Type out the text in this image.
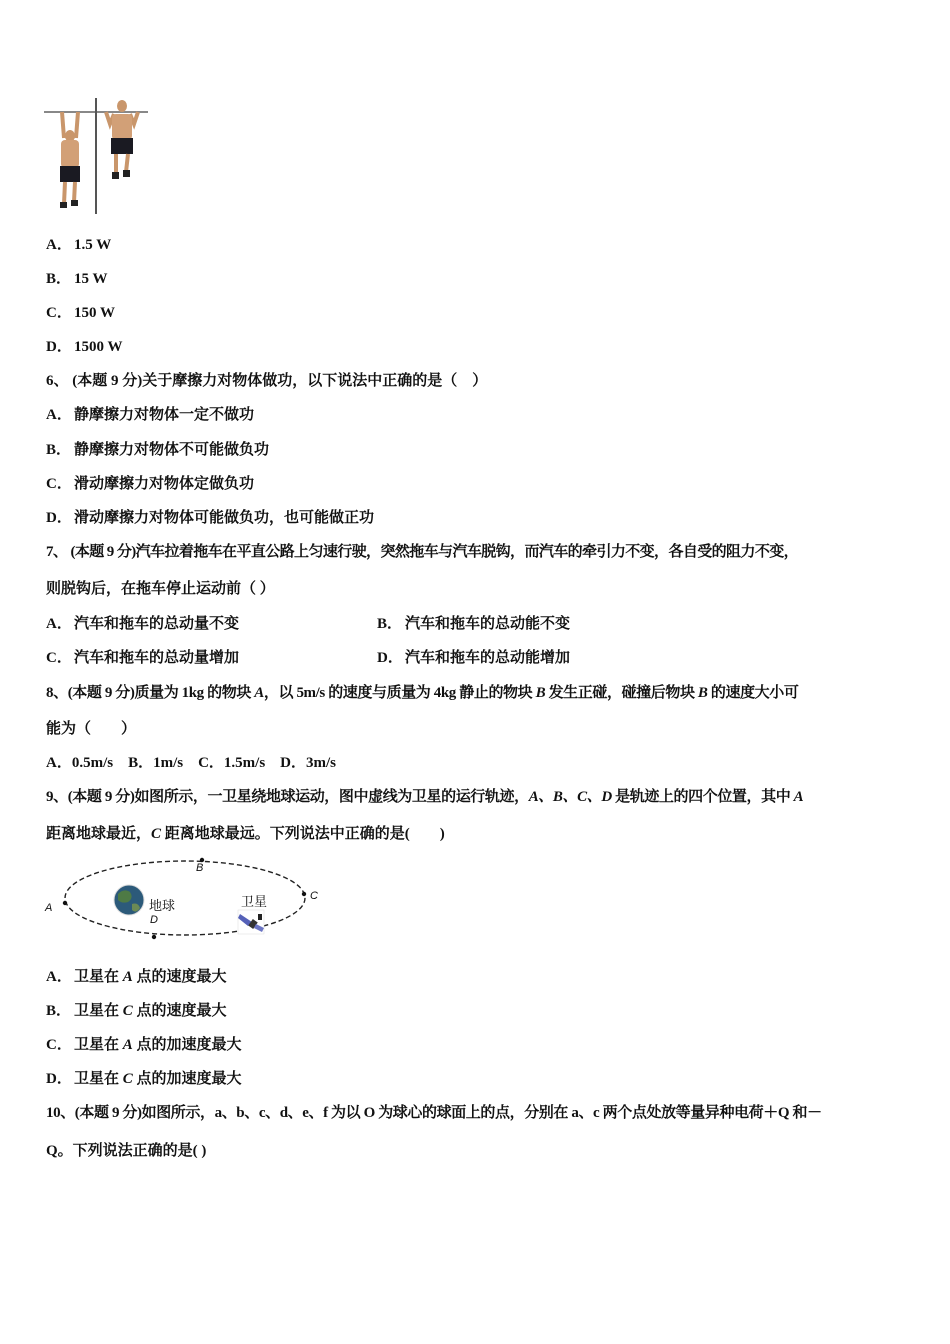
A． 1.5 W
B． 15 W
C． 150 W
D． 1500 W
6、 (本题 9 分)关于摩擦力对物体做功，以下说法中正确的是（　）
A． 静摩擦力对物体一定不做功
B． 静摩擦力对物体不可能做负功
C． 滑动摩擦力对物体定做负功
D． 滑动摩擦力对物体可能做负功，也可能做正功
7、 (本题 9 分)汽车拉着拖车在平直公路上匀速行驶，突然拖车与汽车脱钩，而汽车的牵引力不变，各自受的阻力不变，
则脱钩后，在拖车停止运动前（ ）
A． 汽车和拖车的总动量不变	B． 汽车和拖车的总动能不变
C． 汽车和拖车的总动量增加	D． 汽车和拖车的总动能增加
8、(本题 9 分)质量为 1kg 的物块 A，以 5m/s 的速度与质量为 4kg 静止的物块 B 发生正碰，碰撞后物块 B 的速度大小可
能为（　　）
A．0.5m/s　B．1m/s　C．1.5m/s　D．3m/s
9、(本题 9 分)如图所示，一卫星绕地球运动，图中虚线为卫星的运行轨迹，A、B、C、D 是轨迹上的四个位置，其中 A
距离地球最近，C 距离地球最远。下列说法中正确的是(　　)
A
B
C
D
地球	卫星
A． 卫星在 A 点的速度最大
B． 卫星在 C 点的速度最大
C． 卫星在 A 点的加速度最大
D． 卫星在 C 点的加速度最大
10、(本题 9 分)如图所示，a、b、c、d、e、f 为以 O 为球心的球面上的点，分别在 a、c 两个点处放等量异种电荷＋Q 和－
Q。下列说法正确的是( )
